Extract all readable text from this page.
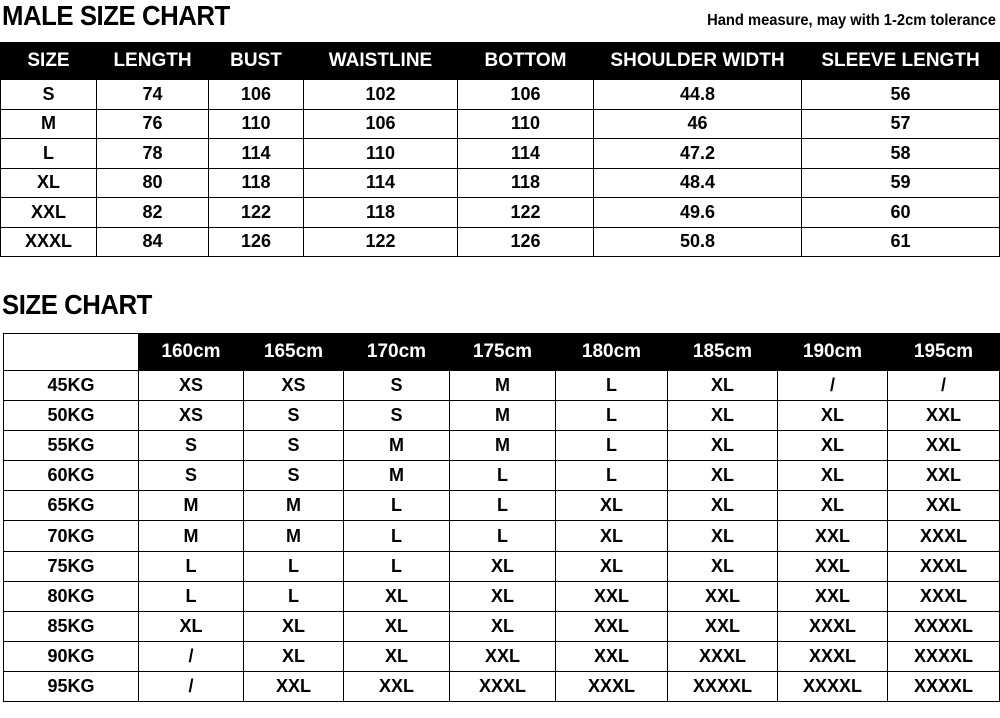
MALE SIZE CHART	Hand measure, may with 1-2cm tolerance
SIZE	LENGTH	BUST	WAISTLINE	BOTTOM	SHOULDER WIDTH	SLEEVE LENGTH
S	74	106	102	106	44.8	56
M	76	110	106	110	46	57
L	78	114	110	114	47.2	58
XL	80	118	114	118	48.4	59
XXL	82	122	118	122	49.6	60
XXXL	84	126	122	126	50.8	61
SIZE CHART
	160cm	165cm	170cm	175cm	180cm	185cm	190cm	195cm
45KG	XS	XS	S	M	L	XL	/	/
50KG	XS	S	S	M	L	XL	XL	XXL
55KG	S	S	M	M	L	XL	XL	XXL
60KG	S	S	M	L	L	XL	XL	XXL
65KG	M	M	L	L	XL	XL	XL	XXL
70KG	M	M	L	L	XL	XL	XXL	XXXL
75KG	L	L	L	XL	XL	XL	XXL	XXXL
80KG	L	L	XL	XL	XXL	XXL	XXL	XXXL
85KG	XL	XL	XL	XL	XXL	XXL	XXXL	XXXXL
90KG	/	XL	XL	XXL	XXL	XXXL	XXXL	XXXXL
95KG	/	XXL	XXL	XXXL	XXXL	XXXXL	XXXXL	XXXXL
